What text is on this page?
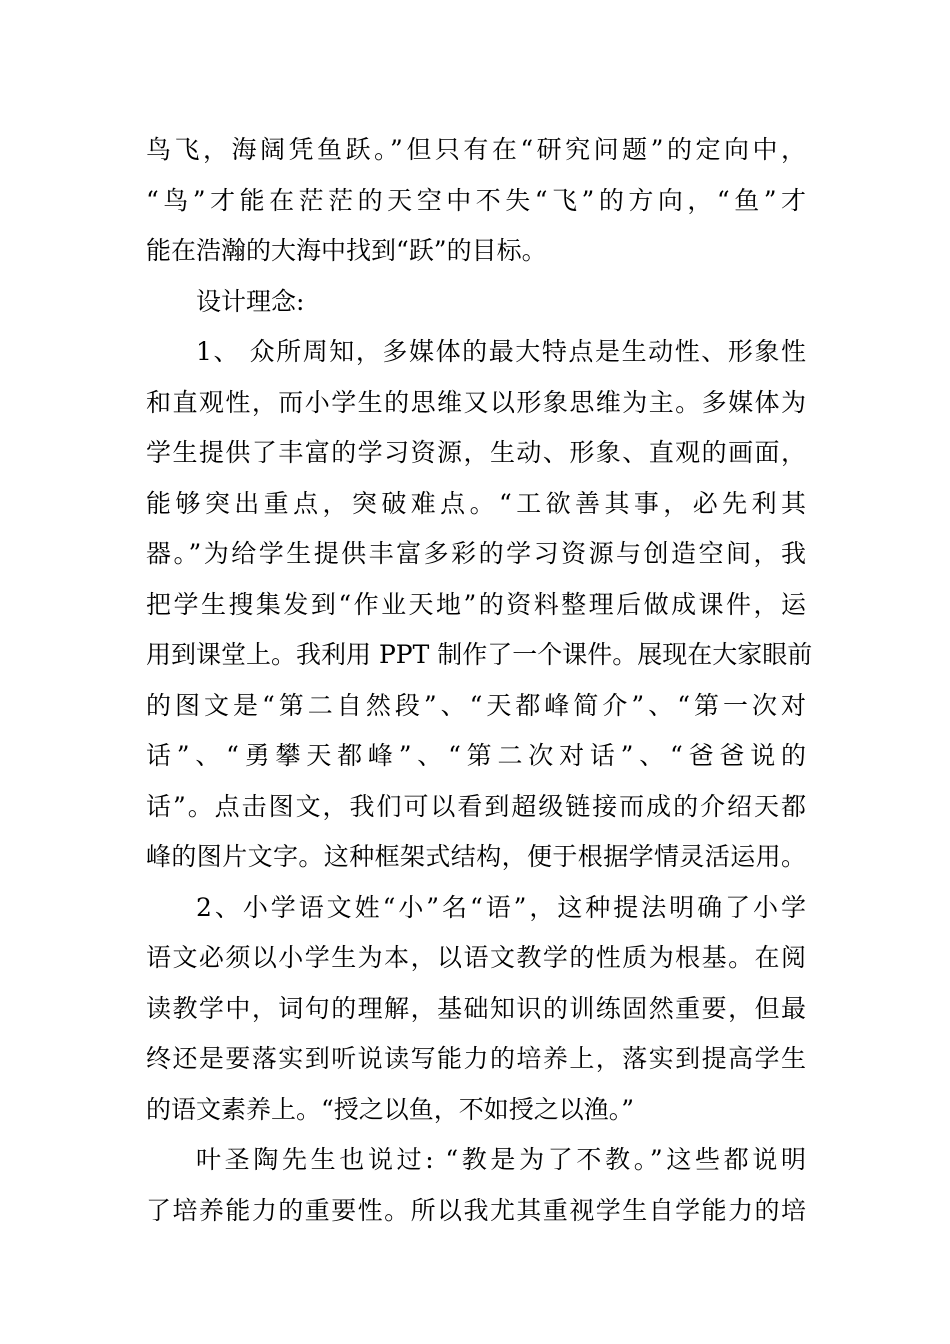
鸟飞，海阔凭鱼跃。”但只有在“研究问题”的定向中，
“鸟”才能在茫茫的天空中不失“飞”的方向，“鱼”才
能在浩瀚的大海中找到“跃”的目标。
设计理念:
1、 众所周知，多媒体的最大特点是生动性、形象性
和直观性，而小学生的思维又以形象思维为主。多媒体为
学生提供了丰富的学习资源，生动、形象、直观的画面，
能够突出重点，突破难点。“工欲善其事，必先利其
器。”为给学生提供丰富多彩的学习资源与创造空间，我
把学生搜集发到“作业天地”的资料整理后做成课件，运
用到课堂上。我利用 PPT 制作了一个课件。展现在大家眼前
的图文是“第二自然段”、“天都峰简介”、“第一次对
话”、“勇攀天都峰”、“第二次对话”、“爸爸说的
话”。点击图文，我们可以看到超级链接而成的介绍天都
峰的图片文字。这种框架式结构，便于根据学情灵活运用。
2、小学语文姓“小”名“语”，这种提法明确了小学
语文必须以小学生为本，以语文教学的性质为根基。在阅
读教学中，词句的理解，基础知识的训练固然重要，但最
终还是要落实到听说读写能力的培养上，落实到提高学生
的语文素养上。“授之以鱼，不如授之以渔。”
叶圣陶先生也说过: “教是为了不教。”这些都说明
了培养能力的重要性。所以我尤其重视学生自学能力的培
